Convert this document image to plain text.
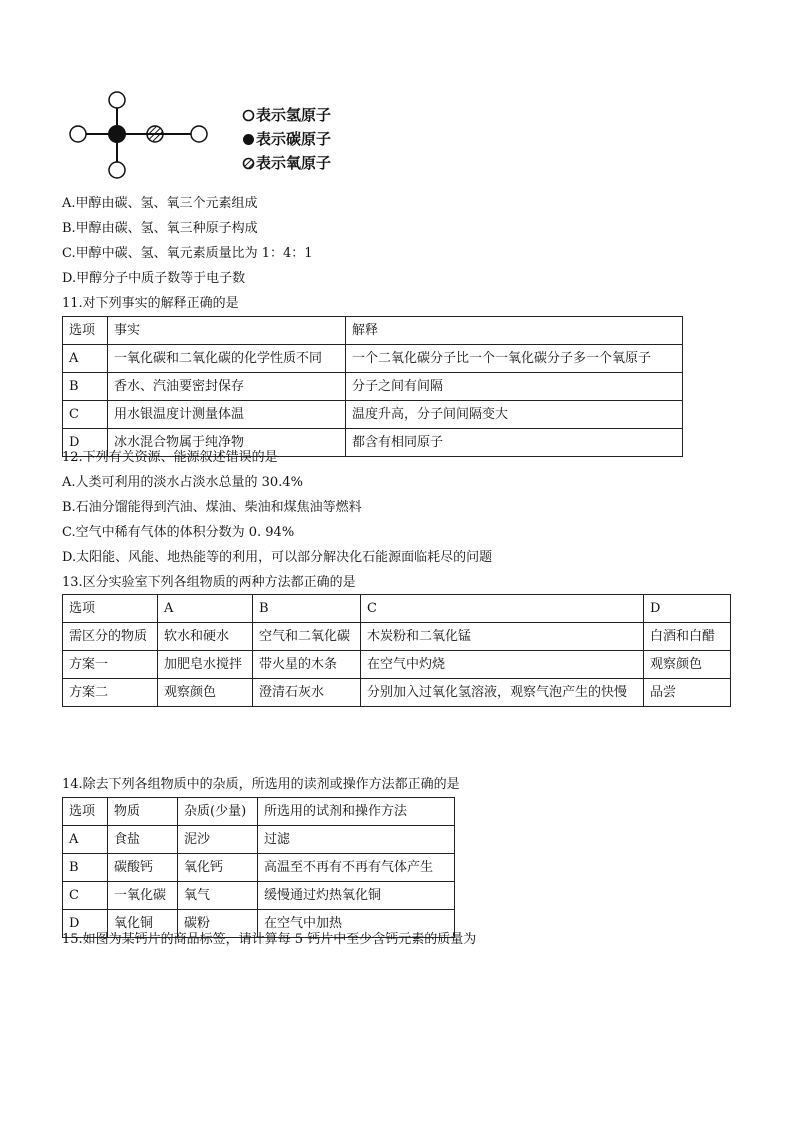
表示氢原子
表示碳原子
表示氧原子
A.甲醇由碳、氢、氧三个元素组成
B.甲醇由碳、氢、氧三种原子构成
C.甲醇中碳、氢、氧元素质量比为 1：4：1
D.甲醇分子中质子数等于电子数
11.对下列事实的解释正确的是
选项	事实	解释
A	一氧化碳和二氧化碳的化学性质不同	一个二氧化碳分子比一个一氧化碳分子多一个氧原子
B	香水、汽油要密封保存	分子之间有间隔
C	用水银温度计测量体温	温度升高，分子间间隔变大
D	冰水混合物属于纯净物	都含有相同原子
12.下列有关资源、能源叙述错误的是
A.人类可利用的淡水占淡水总量的 30.4%
B.石油分馏能得到汽油、煤油、柴油和煤焦油等燃料
C.空气中稀有气体的体积分数为 0. 94%
D.太阳能、风能、地热能等的利用，可以部分解决化石能源面临耗尽的问题
13.区分实验室下列各组物质的两种方法都正确的是
选项	A	B	C	D
需区分的物质	软水和硬水	空气和二氧化碳	木炭粉和二氧化锰	白酒和白醋
方案一	加肥皂水搅拌	带火星的木条	在空气中灼烧	观察颜色
方案二	观察颜色	澄清石灰水	分别加入过氧化氢溶液，观察气泡产生的快慢	品尝
14.除去下列各组物质中的杂质，所选用的读剂或操作方法都正确的是
选项	物质	杂质(少量)	所选用的试剂和操作方法
A	食盐	泥沙	过滤
B	碳酸钙	氧化钙	高温至不再有不再有气体产生
C	一氧化碳	氧气	缓慢通过灼热氧化铜
D	氧化铜	碳粉	在空气中加热
15.如图为某钙片的商品标签，请计算每 5 钙片中至少含钙元素的质量为
